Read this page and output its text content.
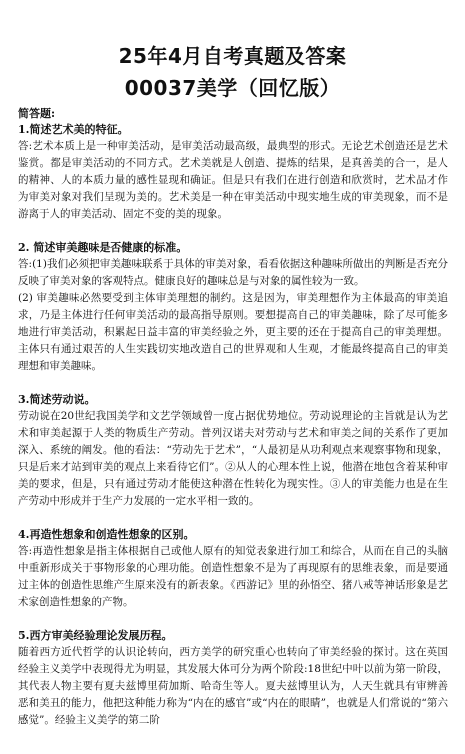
25年4月自考真题及答案
00037美学（回忆版）
简答题:
1.简述艺术美的特征。

答:艺术本质上是一种审美活动，是审美活动最高级，最典型的形式。无论艺术创造还是艺术鉴赏。都是审美活动的不同方式。艺术美就是人创造、提炼的结果，是真善美的合一，是人的精神、人的本质力量的感性显现和确证。但是只有我们在进行创造和欣赏时，艺术品才作为审美对象对我们呈现为美的。艺术美是一种在审美活动中现实地生成的审美现象，而不是游离于人的审美活动、固定不变的美的现象。

2. 简述审美趣味是否健康的标准。

答:(1)我们必须把审美趣味联系于具体的审美对象，看看依据这种趣味所做出的判断是否充分反映了审美对象的客观特点。健康良好的趣味总是与对象的属性较为一致。

(2) 审美趣味必然要受到主体审美理想的制约。这是因为，审美理想作为主体最高的审美追求，乃是主体进行任何审美活动的最高指导原则。要想提高自己的审美趣味，除了尽可能多地进行审美活动，积累起日益丰富的审美经验之外，更主要的还在于提高自己的审美理想。主体只有通过艰苦的人生实践切实地改造自己的世界观和人生观，才能最终提高自己的审美理想和审美趣味。

3.简述劳动说。

劳动说在20世纪我国美学和文艺学领域曾一度占据优势地位。劳动说理论的主旨就是认为艺术和审美起源于人类的物质生产劳动。普列汉诺夫对劳动与艺术和审美之间的关系作了更加深入、系统的阐发。他的看法：“劳动先于艺术”，“人最初是从功利观点来观察事物和现象，只是后来才站到审美的观点上来看待它们”。②从人的心理本性上说，他潜在地包含着某种审美的要求，但是，只有通过劳动才能使这种潜在性转化为现实性。③人的审美能力也是在生产劳动中形成并于生产力发展的一定水平相一致的。

4.再造性想象和创造性想象的区别。

答:再造性想象是指主体根据自己或他人原有的知觉表象进行加工和综合，从而在自己的头脑中重新形成关于事物形象的心理功能。创造性想象不是为了再现原有的思维表象，而是要通过主体的创造性思维产生原来没有的新表象。《西游记》里的孙悟空、猪八戒等神话形象是艺术家创造性想象的产物。

5.西方审美经验理论发展历程。

随着西方近代哲学的认识论转向，西方美学的研究重心也转向了审美经验的探讨。这在英国经验主义美学中表现得尤为明显，其发展大体可分为两个阶段:18世纪中叶以前为第一阶段，其代表人物主要有夏夫兹博里荷加斯、哈奇生等人。夏夫兹博里认为，人天生就具有审辨善恶和美丑的能力，他把这种能力称为“内在的感官”或“内在的眼睛”，也就是人们常说的“第六感觉”。经验主义美学的第二阶
